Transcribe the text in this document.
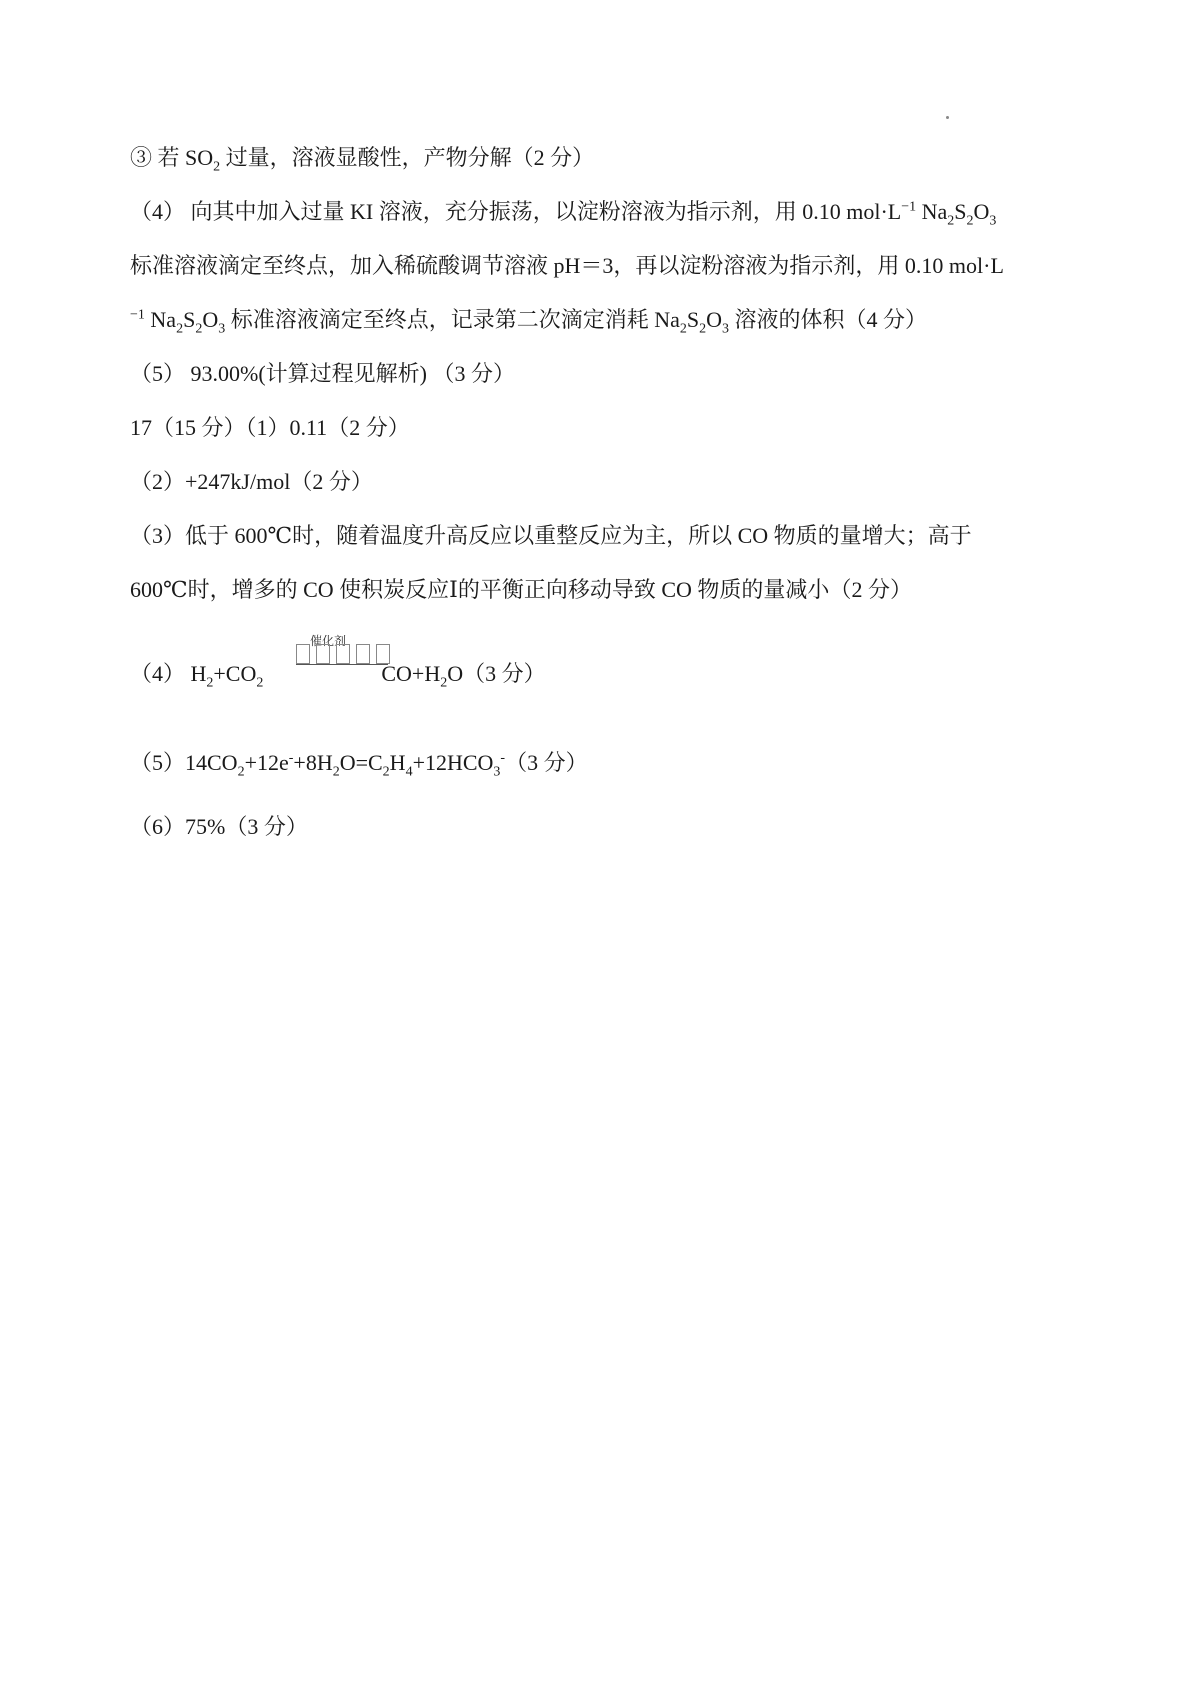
③ 若 $SO_2$ 过量，溶液显酸性，产物分解（2 分）
（4） 向其中加入过量 KI 溶液，充分振荡，以淀粉溶液为指示剂，用 0.10 $mol\cdot L^{-1}$ $Na_2S_2O_3$
标准溶液滴定至终点，加入稀硫酸调节溶液 pH＝3，再以淀粉溶液为指示剂，用 0.10 mol·L
$^{-1}$ $Na_2S_2O_3$ 标准溶液滴定至终点，记录第二次滴定消耗 $Na_2S_2O_3$ 溶液的体积（4 分）
（5） 93.00%(计算过程见解析) （3 分）
17（15 分）（1）0.11（2 分）
（2）+247kJ/mol（2 分）
（3）低于 600℃时，随着温度升高反应以重整反应为主，所以 CO 物质的量增大；高于
600℃时，增多的 CO 使积炭反应Ⅰ的平衡正向移动导致 CO 物质的量减小（2 分）
（4） $H_2+CO_2$	$CO+H_2O(3$ 分）
催化剂
$(5)14CO_2+12e^-+8H_2O=C_2H_4+12HCO_3^-(3$ 分）
（6）75%（3 分）
